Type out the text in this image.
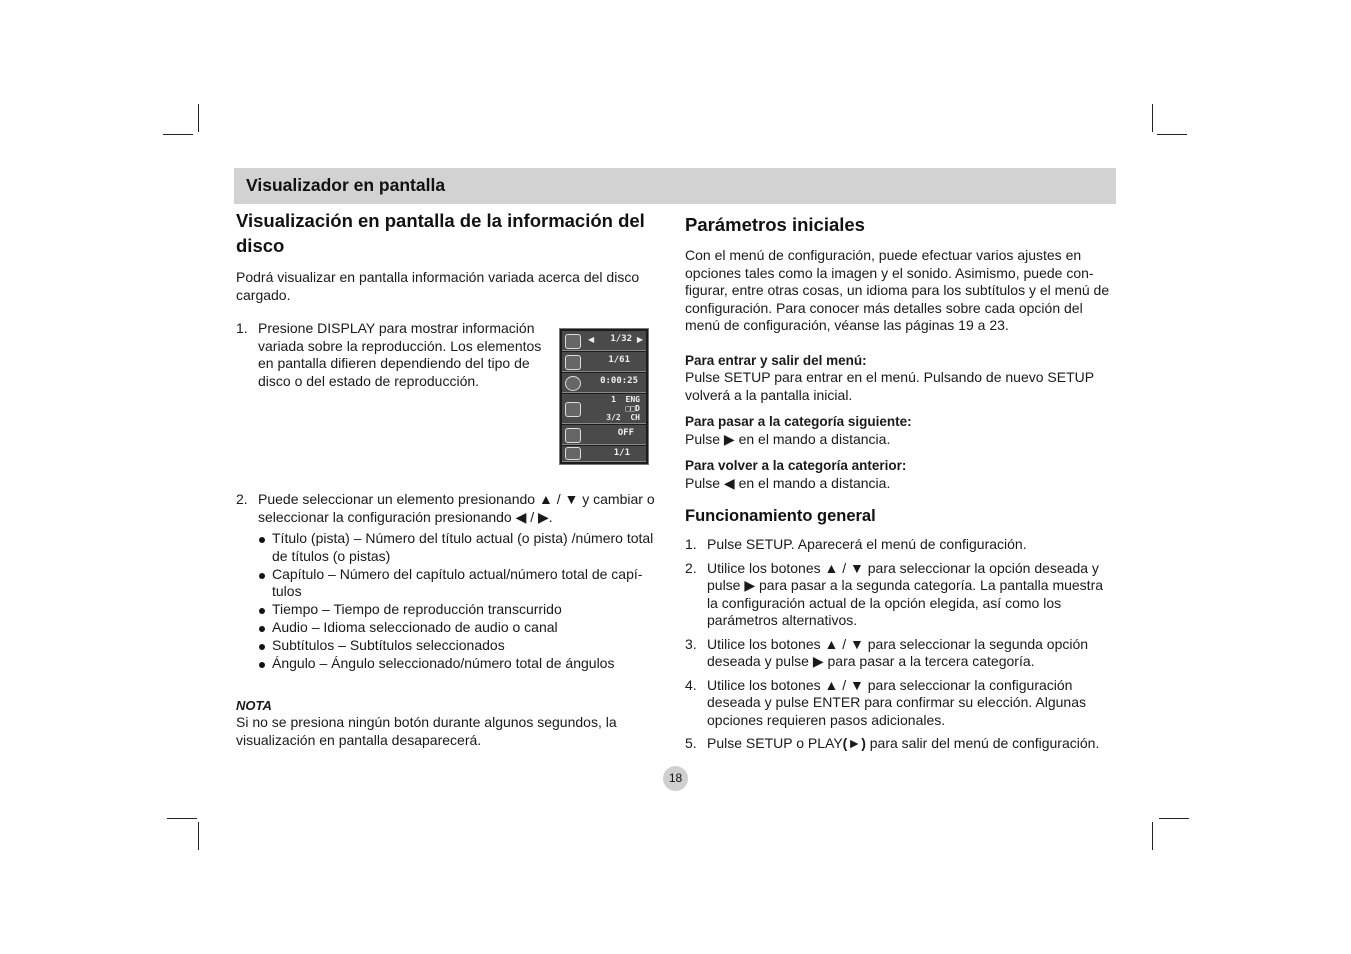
Visualizador en pantalla
Visualización en pantalla de la información del disco

Podrá visualizar en pantalla información variada acerca del disco cargado.

1. Presione DISPLAY para mostrar información variada sobre la reproducción. Los elementos en pantalla difieren dependiendo del tipo de disco o del estado de reproducción.
2. Puede seleccionar un elemento presionando ▲ / ▼ y cambiar o seleccionar la configuración presionando ◀ / ▶.
Título (pista) – Número del título actual (o pista) /número total de títulos (o pistas)
Capítulo – Número del capítulo actual/número total de capí-tulos
Tiempo – Tiempo de reproducción transcurrido
Audio – Idioma seleccionado de audio o canal
Subtítulos – Subtítulos seleccionados
Ángulo – Ángulo seleccionado/número total de ángulos

NOTA

Si no se presiona ningún botón durante algunos segundos, la visualización en pantalla desaparecerá.

◀ 1/32 ▶
1/61
0:00:25
1  ENG
□□D
3/2  CH
OFF
1/1
Parámetros iniciales

Con el menú de configuración, puede efectuar varios ajustes en opciones tales como la imagen y el sonido. Asimismo, puede con-figurar, entre otras cosas, un idioma para los subtítulos y el menú de configuración. Para conocer más detalles sobre cada opción del menú de configuración, véanse las páginas 19 a 23.

Para entrar y salir del menú:

Pulse SETUP para entrar en el menú. Pulsando de nuevo SETUP volverá a la pantalla inicial.

Para pasar a la categoría siguiente:

Pulse ▶ en el mando a distancia.

Para volver a la categoría anterior:

Pulse ◀ en el mando a distancia.

Funcionamiento general
1. Pulse SETUP. Aparecerá el menú de configuración.
2. Utilice los botones ▲ / ▼ para seleccionar la opción deseada y pulse ▶ para pasar a la segunda categoría. La pantalla muestra la configuración actual de la opción elegida, así como los parámetros alternativos.
3. Utilice los botones ▲ / ▼ para seleccionar la segunda opción deseada y pulse ▶ para pasar a la tercera categoría.
4. Utilice los botones ▲ / ▼ para seleccionar la configuración deseada y pulse ENTER para confirmar su elección. Algunas opciones requieren pasos adicionales.
5. Pulse SETUP o PLAY(►) para salir del menú de configuración.
18
